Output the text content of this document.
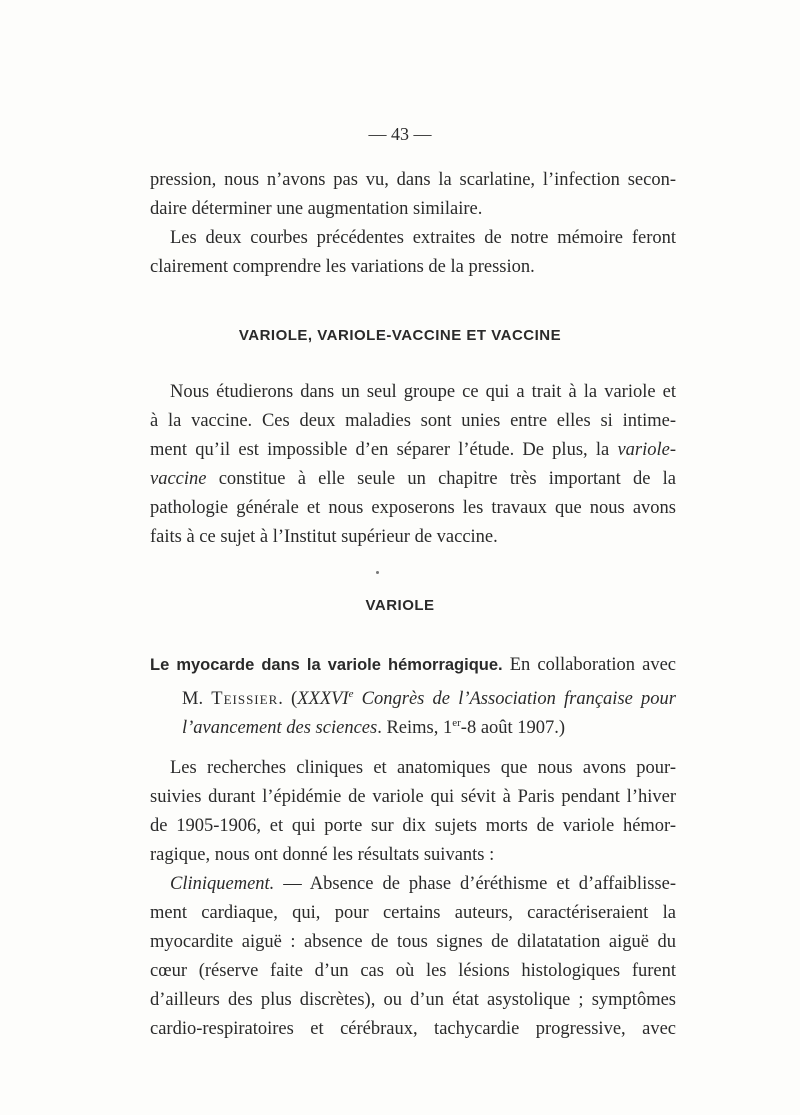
— 43 —
pression, nous n’avons pas vu, dans la scarlatine, l’infection secon-
daire déterminer une augmentation similaire.
Les deux courbes précédentes extraites de notre mémoire feront
clairement comprendre les variations de la pression.
VARIOLE, VARIOLE-VACCINE ET VACCINE
Nous étudierons dans un seul groupe ce qui a trait à la variole et
à la vaccine. Ces deux maladies sont unies entre elles si intime-
ment qu’il est impossible d’en séparer l’étude. De plus, la variole-
vaccine constitue à elle seule un chapitre très important de la
pathologie générale et nous exposerons les travaux que nous avons
faits à ce sujet à l’Institut supérieur de vaccine.
VARIOLE
Le myocarde dans la variole hémorragique. En collaboration avec
M. Teissier. (XXXVIe Congrès de l’Association française pour
l’avancement des sciences. Reims, 1er-8 août 1907.)
Les recherches cliniques et anatomiques que nous avons pour-
suivies durant l’épidémie de variole qui sévit à Paris pendant l’hiver
de 1905-1906, et qui porte sur dix sujets morts de variole hémor-
ragique, nous ont donné les résultats suivants :
Cliniquement. — Absence de phase d’éréthisme et d’affaiblisse-
ment cardiaque, qui, pour certains auteurs, caractériseraient la
myocardite aiguë : absence de tous signes de dilatatation aiguë du
cœur (réserve faite d’un cas où les lésions histologiques furent
d’ailleurs des plus discrètes), ou d’un état asystolique ; symptômes
cardio-respiratoires et cérébraux, tachycardie progressive, avec
